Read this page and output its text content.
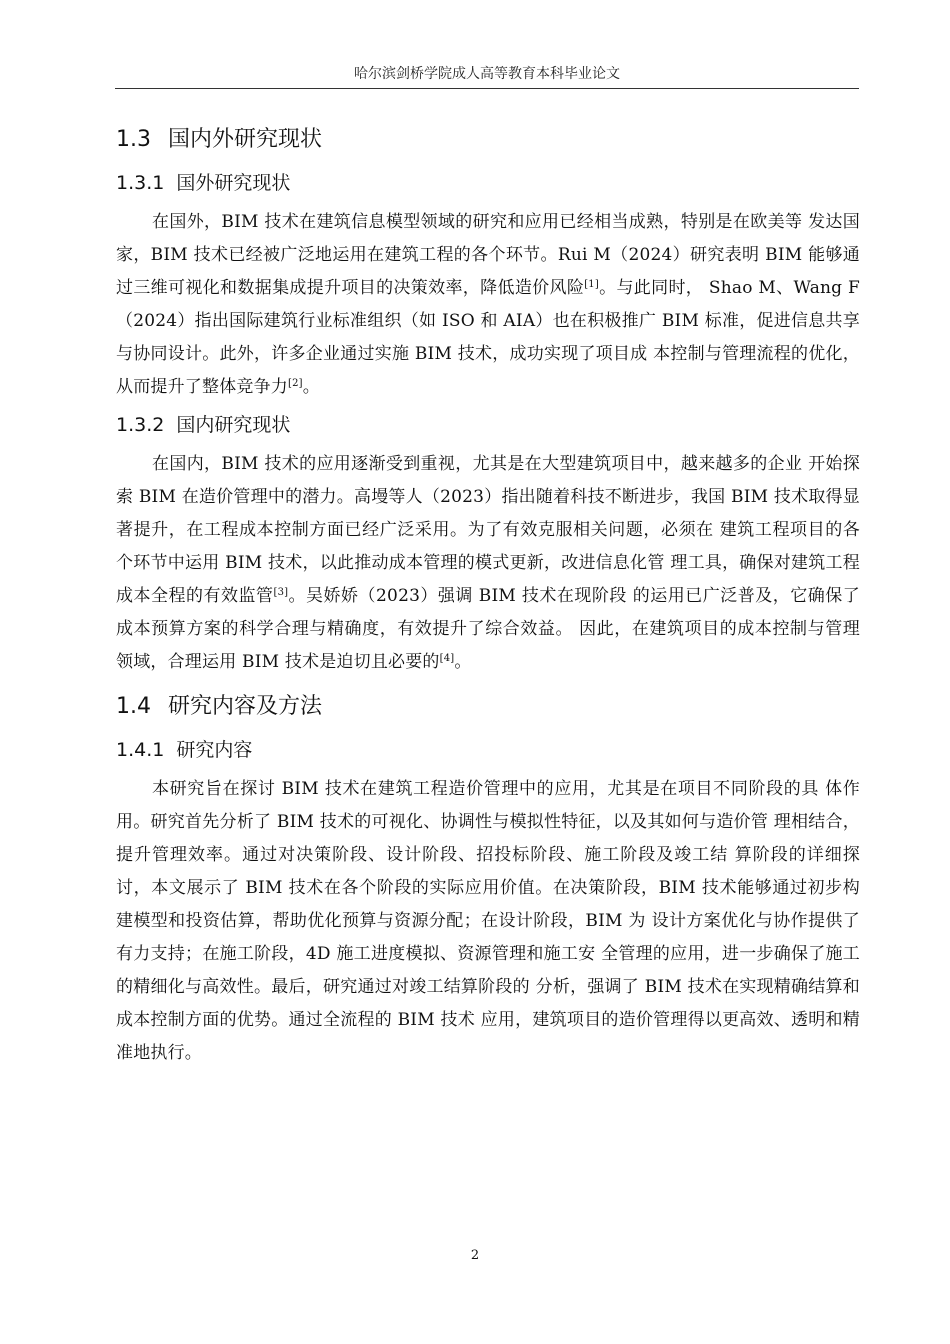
哈尔滨剑桥学院成人高等教育本科毕业论文
1.3 国内外研究现状
1.3.1 国外研究现状

在国外，BIM 技术在建筑信息模型领域的研究和应用已经相当成熟，特别是在欧美等 发达国家，BIM 技术已经被广泛地运用在建筑工程的各个环节。Rui M（2024）研究表明 BIM 能够通过三维可视化和数据集成提升项目的决策效率，降低造价风险[1]。与此同时， Shao M、Wang F（2024）指出国际建筑行业标准组织（如 ISO 和 AIA）也在积极推广 BIM 标准，促进信息共享与协同设计。此外，许多企业通过实施 BIM 技术，成功实现了项目成 本控制与管理流程的优化，从而提升了整体竞争力[2]。

1.3.2 国内研究现状

在国内，BIM 技术的应用逐渐受到重视，尤其是在大型建筑项目中，越来越多的企业 开始探索 BIM 在造价管理中的潜力。高墁等人（2023）指出随着科技不断进步，我国 BIM 技术取得显著提升，在工程成本控制方面已经广泛采用。为了有效克服相关问题，必须在 建筑工程项目的各个环节中运用 BIM 技术，以此推动成本管理的模式更新，改进信息化管 理工具，确保对建筑工程成本全程的有效监管[3]。吴娇娇（2023）强调 BIM 技术在现阶段 的运用已广泛普及，它确保了成本预算方案的科学合理与精确度，有效提升了综合效益。 因此，在建筑项目的成本控制与管理领域，合理运用 BIM 技术是迫切且必要的[4]。

1.4 研究内容及方法
1.4.1 研究内容

本研究旨在探讨 BIM 技术在建筑工程造价管理中的应用，尤其是在项目不同阶段的具 体作用。研究首先分析了 BIM 技术的可视化、协调性与模拟性特征，以及其如何与造价管 理相结合，提升管理效率。通过对决策阶段、设计阶段、招投标阶段、施工阶段及竣工结 算阶段的详细探讨，本文展示了 BIM 技术在各个阶段的实际应用价值。在决策阶段，BIM 技术能够通过初步构建模型和投资估算，帮助优化预算与资源分配；在设计阶段，BIM 为 设计方案优化与协作提供了有力支持；在施工阶段，4D 施工进度模拟、资源管理和施工安 全管理的应用，进一步确保了施工的精细化与高效性。最后，研究通过对竣工结算阶段的 分析，强调了 BIM 技术在实现精确结算和成本控制方面的优势。通过全流程的 BIM 技术 应用，建筑项目的造价管理得以更高效、透明和精准地执行。

2
